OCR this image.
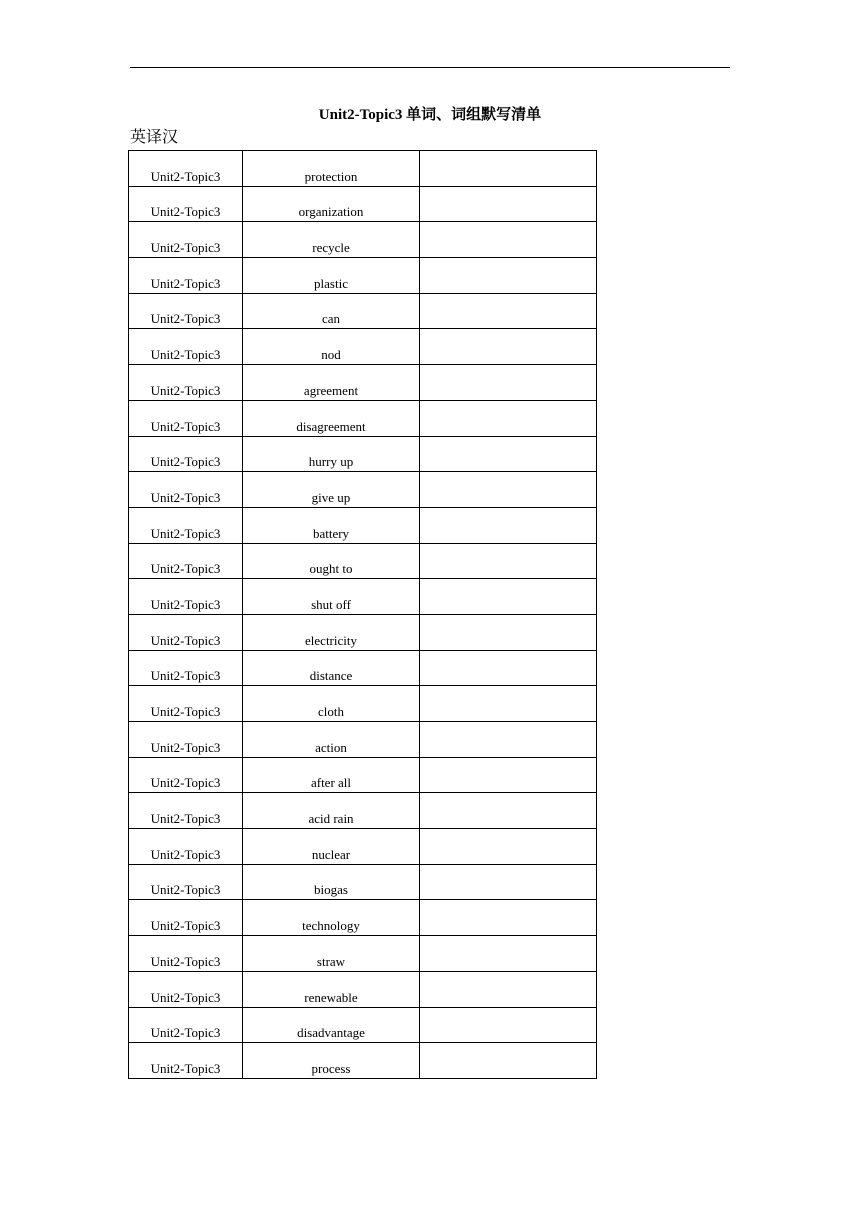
Unit2-Topic3 单词、词组默写清单
英译汉
Unit2-Topic3	protection	
Unit2-Topic3	organization	
Unit2-Topic3	recycle	
Unit2-Topic3	plastic	
Unit2-Topic3	can	
Unit2-Topic3	nod	
Unit2-Topic3	agreement	
Unit2-Topic3	disagreement	
Unit2-Topic3	hurry up	
Unit2-Topic3	give up	
Unit2-Topic3	battery	
Unit2-Topic3	ought to	
Unit2-Topic3	shut off	
Unit2-Topic3	electricity	
Unit2-Topic3	distance	
Unit2-Topic3	cloth	
Unit2-Topic3	action	
Unit2-Topic3	after all	
Unit2-Topic3	acid rain	
Unit2-Topic3	nuclear	
Unit2-Topic3	biogas	
Unit2-Topic3	technology	
Unit2-Topic3	straw	
Unit2-Topic3	renewable	
Unit2-Topic3	disadvantage	
Unit2-Topic3	process	
